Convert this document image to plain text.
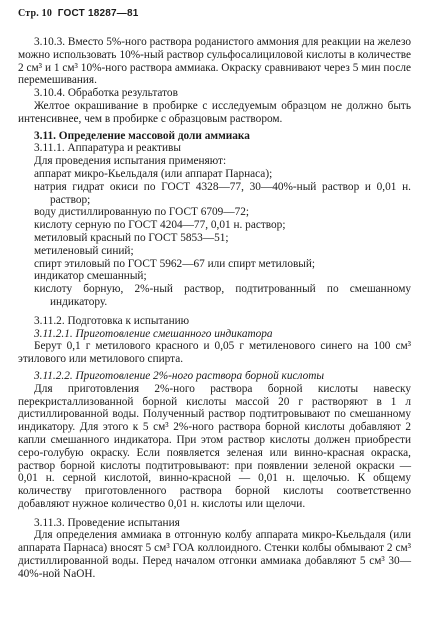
Стр. 10 ГОСТ 18287—81

3.10.3. Вместо 5%-ного раствора роданистого аммония для реакции на железо можно использовать 10%-ный раствор сульфосалициловой кислоты в количестве 2 см³ и 1 см³ 10%-ного раствора аммиака. Окраску сравнивают через 5 мин после перемешивания.

3.10.4. Обработка результатов

Желтое окрашивание в пробирке с исследуемым образцом не должно быть интенсивнее, чем в пробирке с образцовым раствором.

3.11. Определение массовой доли аммиака

3.11.1. Аппаратура и реактивы

Для проведения испытания применяют:

аппарат микро-Кьельдаля (или аппарат Парнаса);

натрия гидрат окиси по ГОСТ 4328—77, 30—40%-ный раствор и 0,01 н. раствор;

воду дистиллированную по ГОСТ 6709—72;

кислоту серную по ГОСТ 4204—77, 0,01 н. раствор;

метиловый красный по ГОСТ 5853—51;

метиленовый синий;

спирт этиловый по ГОСТ 5962—67 или спирт метиловый;

индикатор смешанный;

кислоту борную, 2%-ный раствор, подтитрованный по смешанному индикатору.

3.11.2. Подготовка к испытанию

3.11.2.1. Приготовление смешанного индикатора

Берут 0,1 г метилового красного и 0,05 г метиленового синего на 100 см³ этилового или метилового спирта.

3.11.2.2. Приготовление 2%-ного раствора борной кислоты

Для приготовления 2%-ного раствора борной кислоты навеску перекристаллизованной борной кислоты массой 20 г растворяют в 1 л дистиллированной воды. Полученный раствор подтитровывают по смешанному индикатору. Для этого к 5 см³ 2%-ного раствора борной кислоты добавляют 2 капли смешанного индикатора. При этом раствор кислоты должен приобрести серо-голубую окраску. Если появляется зеленая или винно-красная окраска, раствор борной кислоты подтитровывают: при появлении зеленой окраски — 0,01 н. серной кислотой, винно-красной — 0,01 н. щелочью. К общему количеству приготовленного раствора борной кислоты соответственно добавляют нужное количество 0,01 н. кислоты или щелочи.

3.11.3. Проведение испытания

Для определения аммиака в отгонную колбу аппарата микро-Кьельдаля (или аппарата Парнаса) вносят 5 см³ ГОА коллоидного. Стенки колбы обмывают 2 см³ дистиллированной воды. Перед началом отгонки аммиака добавляют 5 см³ 30—40%-ной NaOH.
